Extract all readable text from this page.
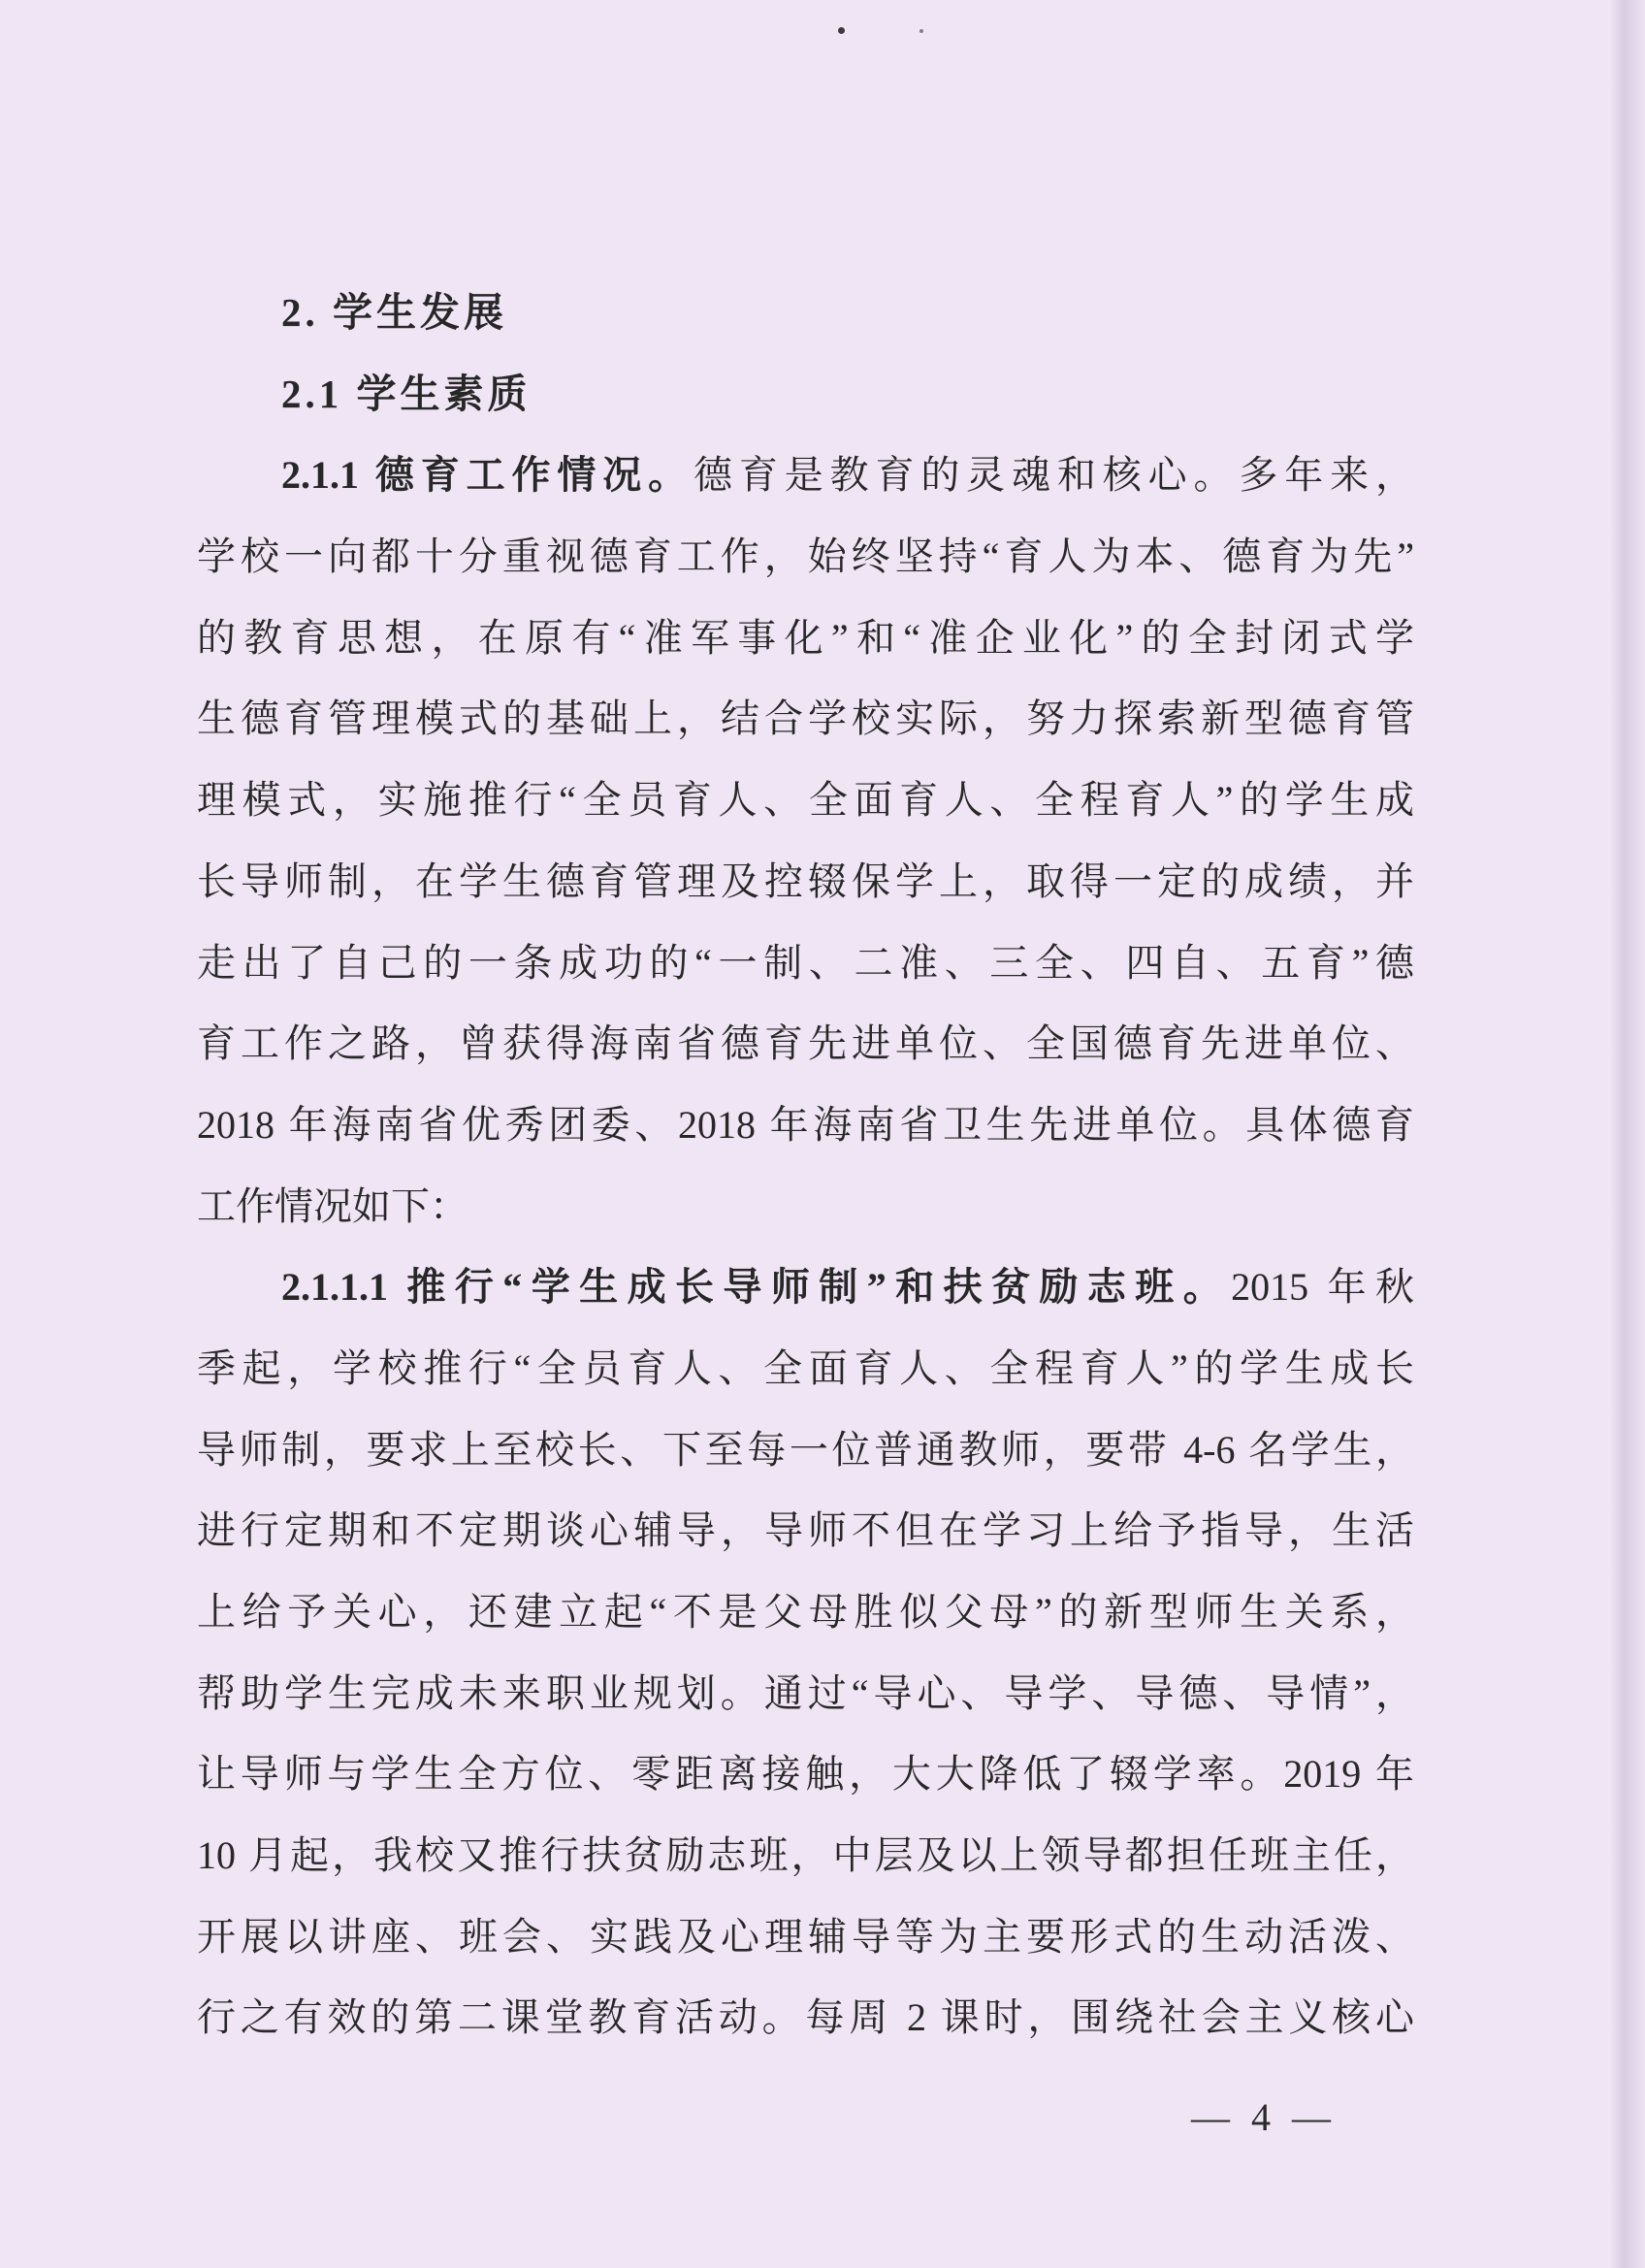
2. 学生发展
2.1 学生素质
2.1.1 德育工作情况。德育是教育的灵魂和核心。多年来，
学校一向都十分重视德育工作，始终坚持“育人为本、德育为先”
的教育思想，在原有“准军事化”和“准企业化”的全封闭式学
生德育管理模式的基础上，结合学校实际，努力探索新型德育管
理模式，实施推行“全员育人、全面育人、全程育人”的学生成
长导师制，在学生德育管理及控辍保学上，取得一定的成绩，并
走出了自己的一条成功的“一制、二准、三全、四自、五育”德
育工作之路，曾获得海南省德育先进单位、全国德育先进单位、
2018 年海南省优秀团委、2018 年海南省卫生先进单位。具体德育
工作情况如下：
2.1.1.1 推行“学生成长导师制”和扶贫励志班。2015 年秋
季起，学校推行“全员育人、全面育人、全程育人”的学生成长
导师制，要求上至校长、下至每一位普通教师，要带 4-6 名学生，
进行定期和不定期谈心辅导，导师不但在学习上给予指导，生活
上给予关心，还建立起“不是父母胜似父母”的新型师生关系，
帮助学生完成未来职业规划。通过“导心、导学、导德、导情”，
让导师与学生全方位、零距离接触，大大降低了辍学率。2019 年
10 月起，我校又推行扶贫励志班，中层及以上领导都担任班主任，
开展以讲座、班会、实践及心理辅导等为主要形式的生动活泼、
行之有效的第二课堂教育活动。每周 2 课时，围绕社会主义核心
— 4 —
